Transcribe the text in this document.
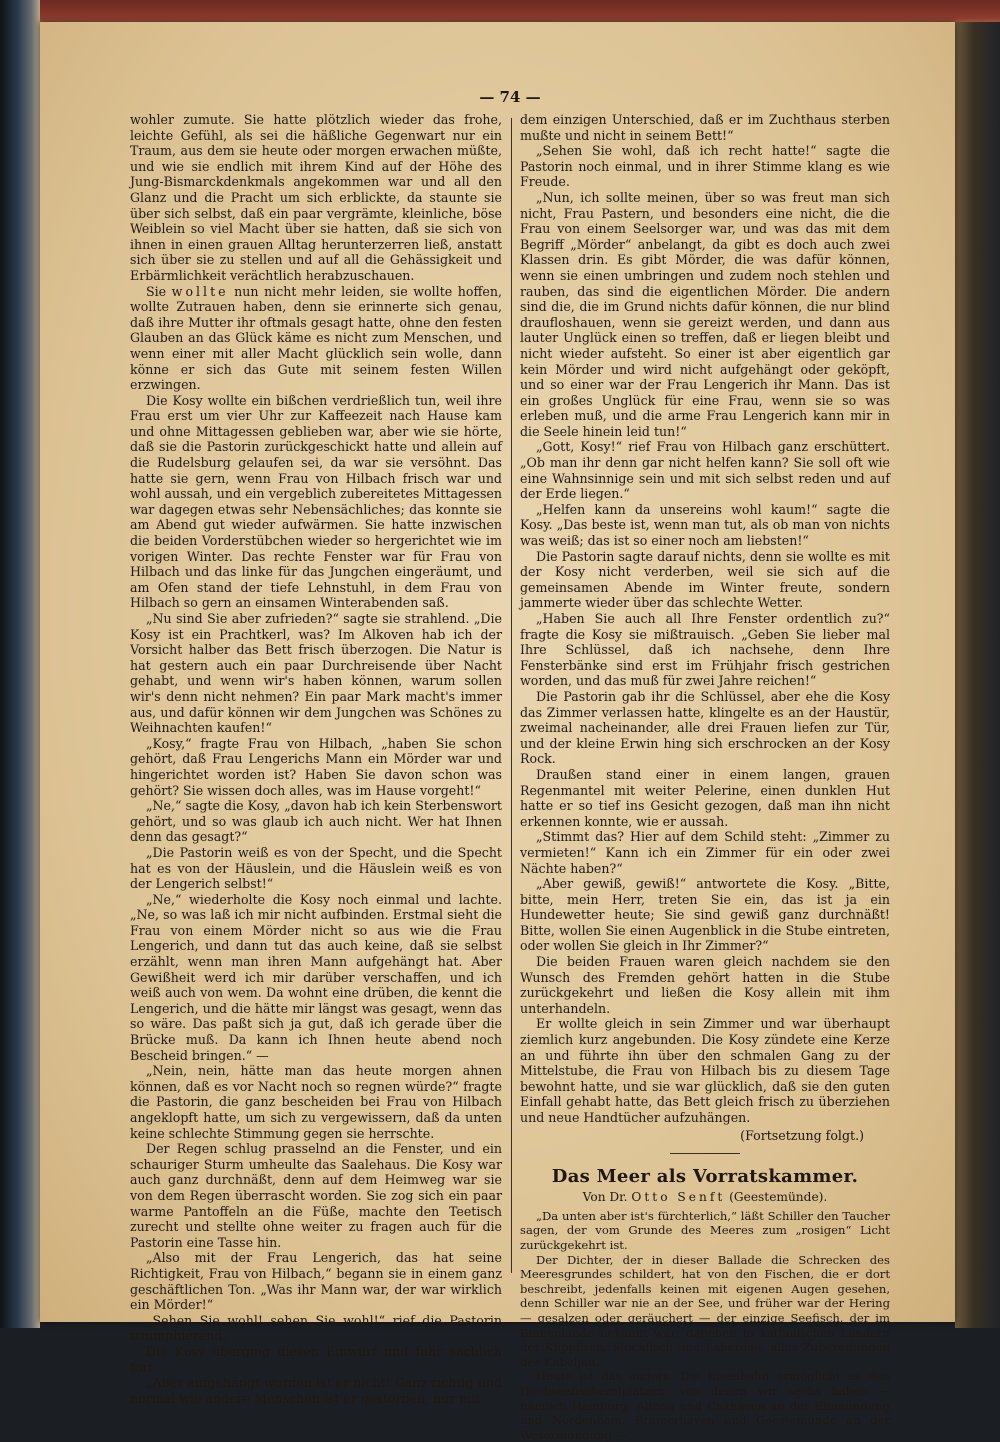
— 74 —

wohler zumute. Sie hatte plötzlich wieder das frohe, leichte Gefühl, als sei die häßliche Gegenwart nur ein Traum, aus dem sie heute oder morgen erwachen müßte, und wie sie endlich mit ihrem Kind auf der Höhe des Jung-Bismarckdenkmals angekommen war und all den Glanz und die Pracht um sich erblickte, da staunte sie über sich selbst, daß ein paar vergrämte, kleinliche, böse Weiblein so viel Macht über sie hatten, daß sie sich von ihnen in einen grauen Alltag herunterzerren ließ, anstatt sich über sie zu stellen und auf all die Gehässigkeit und Erbärmlichkeit verächtlich herabzuschauen.

Sie wollte nun nicht mehr leiden, sie wollte hoffen, wollte Zutrauen haben, denn sie erinnerte sich genau, daß ihre Mutter ihr oftmals gesagt hatte, ohne den festen Glauben an das Glück käme es nicht zum Menschen, und wenn einer mit aller Macht glücklich sein wolle, dann könne er sich das Gute mit seinem festen Willen erzwingen.

Die Kosy wollte ein bißchen verdrießlich tun, weil ihre Frau erst um vier Uhr zur Kaffeezeit nach Hause kam und ohne Mittagessen geblieben war, aber wie sie hörte, daß sie die Pastorin zurückgeschickt hatte und allein auf die Rudelsburg gelaufen sei, da war sie versöhnt. Das hatte sie gern, wenn Frau von Hilbach frisch war und wohl aussah, und ein vergeblich zubereitetes Mittagessen war dagegen etwas sehr Nebensächliches; das konnte sie am Abend gut wieder aufwärmen. Sie hatte inzwischen die beiden Vorderstübchen wieder so hergerichtet wie im vorigen Winter. Das rechte Fenster war für Frau von Hilbach und das linke für das Jungchen eingeräumt, und am Ofen stand der tiefe Lehnstuhl, in dem Frau von Hilbach so gern an einsamen Winterabenden saß.

„Nu sind Sie aber zufrieden?“ sagte sie strahlend. „Die Kosy ist ein Prachtkerl, was? Im Alkoven hab ich der Vorsicht halber das Bett frisch überzogen. Die Natur is hat gestern auch ein paar Durchreisende über Nacht gehabt, und wenn wir's haben können, warum sollen wir's denn nicht nehmen? Ein paar Mark macht's immer aus, und dafür können wir dem Jungchen was Schönes zu Weihnachten kaufen!“

„Kosy,“ fragte Frau von Hilbach, „haben Sie schon gehört, daß Frau Lengerichs Mann ein Mörder war und hingerichtet worden ist? Haben Sie davon schon was gehört? Sie wissen doch alles, was im Hause vorgeht!“

„Ne,“ sagte die Kosy, „davon hab ich kein Sterbenswort gehört, und so was glaub ich auch nicht. Wer hat Ihnen denn das gesagt?“

„Die Pastorin weiß es von der Specht, und die Specht hat es von der Häuslein, und die Häuslein weiß es von der Lengerich selbst!“

„Ne,“ wiederholte die Kosy noch einmal und lachte. „Ne, so was laß ich mir nicht aufbinden. Erstmal sieht die Frau von einem Mörder nicht so aus wie die Frau Lengerich, und dann tut das auch keine, daß sie selbst erzählt, wenn man ihren Mann aufgehängt hat. Aber Gewißheit werd ich mir darüber verschaffen, und ich weiß auch von wem. Da wohnt eine drüben, die kennt die Lengerich, und die hätte mir längst was gesagt, wenn das so wäre. Das paßt sich ja gut, daß ich gerade über die Brücke muß. Da kann ich Ihnen heute abend noch Bescheid bringen.“ —

„Nein, nein, hätte man das heute morgen ahnen können, daß es vor Nacht noch so regnen würde?“ fragte die Pastorin, die ganz bescheiden bei Frau von Hilbach angeklopft hatte, um sich zu vergewissern, daß da unten keine schlechte Stimmung gegen sie herrschte.

Der Regen schlug prasselnd an die Fenster, und ein schauriger Sturm umheulte das Saalehaus. Die Kosy war auch ganz durchnäßt, denn auf dem Heimweg war sie von dem Regen überrascht worden. Sie zog sich ein paar warme Pantoffeln an die Füße, machte den Teetisch zurecht und stellte ohne weiter zu fragen auch für die Pastorin eine Tasse hin.

„Also mit der Frau Lengerich, das hat seine Richtigkeit, Frau von Hilbach,“ begann sie in einem ganz geschäftlichen Ton. „Was ihr Mann war, der war wirklich ein Mörder!“

„Sehen Sie wohl! sehen Sie wohl!“ rief die Pastorin triumphierend.

Die Kosy überging diesen Einwurf und fuhr sachlich fort:

„Aber aufgehängt worden ist er nicht! Ganz richtig und normal wie andere Menschen ist er gestorben, nur mit

dem einzigen Unterschied, daß er im Zuchthaus sterben mußte und nicht in seinem Bett!“

„Sehen Sie wohl, daß ich recht hatte!“ sagte die Pastorin noch einmal, und in ihrer Stimme klang es wie Freude.

„Nun, ich sollte meinen, über so was freut man sich nicht, Frau Pastern, und besonders eine nicht, die die Frau von einem Seelsorger war, und was das mit dem Begriff „Mörder“ anbelangt, da gibt es doch auch zwei Klassen drin. Es gibt Mörder, die was dafür können, wenn sie einen umbringen und zudem noch stehlen und rauben, das sind die eigentlichen Mörder. Die andern sind die, die im Grund nichts dafür können, die nur blind draufloshauen, wenn sie gereizt werden, und dann aus lauter Unglück einen so treffen, daß er liegen bleibt und nicht wieder aufsteht. So einer ist aber eigentlich gar kein Mörder und wird nicht aufgehängt oder geköpft, und so einer war der Frau Lengerich ihr Mann. Das ist ein großes Unglück für eine Frau, wenn sie so was erleben muß, und die arme Frau Lengerich kann mir in die Seele hinein leid tun!“

„Gott, Kosy!“ rief Frau von Hilbach ganz erschüttert. „Ob man ihr denn gar nicht helfen kann? Sie soll oft wie eine Wahnsinnige sein und mit sich selbst reden und auf der Erde liegen.“

„Helfen kann da unsereins wohl kaum!“ sagte die Kosy. „Das beste ist, wenn man tut, als ob man von nichts was weiß; das ist so einer noch am liebsten!“

Die Pastorin sagte darauf nichts, denn sie wollte es mit der Kosy nicht verderben, weil sie sich auf die gemeinsamen Abende im Winter freute, sondern jammerte wieder über das schlechte Wetter.

„Haben Sie auch all Ihre Fenster ordentlich zu?“ fragte die Kosy sie mißtrauisch. „Geben Sie lieber mal Ihre Schlüssel, daß ich nachsehe, denn Ihre Fensterbänke sind erst im Frühjahr frisch gestrichen worden, und das muß für zwei Jahre reichen!“

Die Pastorin gab ihr die Schlüssel, aber ehe die Kosy das Zimmer verlassen hatte, klingelte es an der Haustür, zweimal nacheinander, alle drei Frauen liefen zur Tür, und der kleine Erwin hing sich erschrocken an der Kosy Rock.

Draußen stand einer in einem langen, grauen Regenmantel mit weiter Pelerine, einen dunklen Hut hatte er so tief ins Gesicht gezogen, daß man ihn nicht erkennen konnte, wie er aussah.

„Stimmt das? Hier auf dem Schild steht: „Zimmer zu vermieten!“ Kann ich ein Zimmer für ein oder zwei Nächte haben?“

„Aber gewiß, gewiß!“ antwortete die Kosy. „Bitte, bitte, mein Herr, treten Sie ein, das ist ja ein Hundewetter heute; Sie sind gewiß ganz durchnäßt! Bitte, wollen Sie einen Augenblick in die Stube eintreten, oder wollen Sie gleich in Ihr Zimmer?“

Die beiden Frauen waren gleich nachdem sie den Wunsch des Fremden gehört hatten in die Stube zurückgekehrt und ließen die Kosy allein mit ihm unterhandeln.

Er wollte gleich in sein Zimmer und war überhaupt ziemlich kurz angebunden. Die Kosy zündete eine Kerze an und führte ihn über den schmalen Gang zu der Mittelstube, die Frau von Hilbach bis zu diesem Tage bewohnt hatte, und sie war glücklich, daß sie den guten Einfall gehabt hatte, das Bett gleich frisch zu überziehen und neue Handtücher aufzuhängen.

(Fortsetzung folgt.)

Das Meer als Vorratskammer.

Von Dr. Otto Senft (Geestemünde).

„Da unten aber ist's fürchterlich,“ läßt Schiller den Taucher sagen, der vom Grunde des Meeres zum „rosigen“ Licht zurückgekehrt ist.

Der Dichter, der in dieser Ballade die Schrecken des Meeresgrundes schildert, hat von den Fischen, die er dort beschreibt, jedenfalls keinen mit eigenen Augen gesehen, denn Schiller war nie an der See, und früher war der Hering — gesalzen oder geräuchert — der einzige Seefisch, der im Binnenlande bekannt war; daneben in katholischen Ländern der Klippfisch, Stockfisch und Laberdan, alles Zubereitungen des Kabeljau.

Heute ist das anders. Die Eisenbahn ermöglicht es den Hochseefischereiplätzen, von denen wir sechs haben — nämlich Hamburg, Altona und Cuxhaven an der Elbmündung und Nordenham, Bremerhaven und Geestemünde an der Wesermündung —,
